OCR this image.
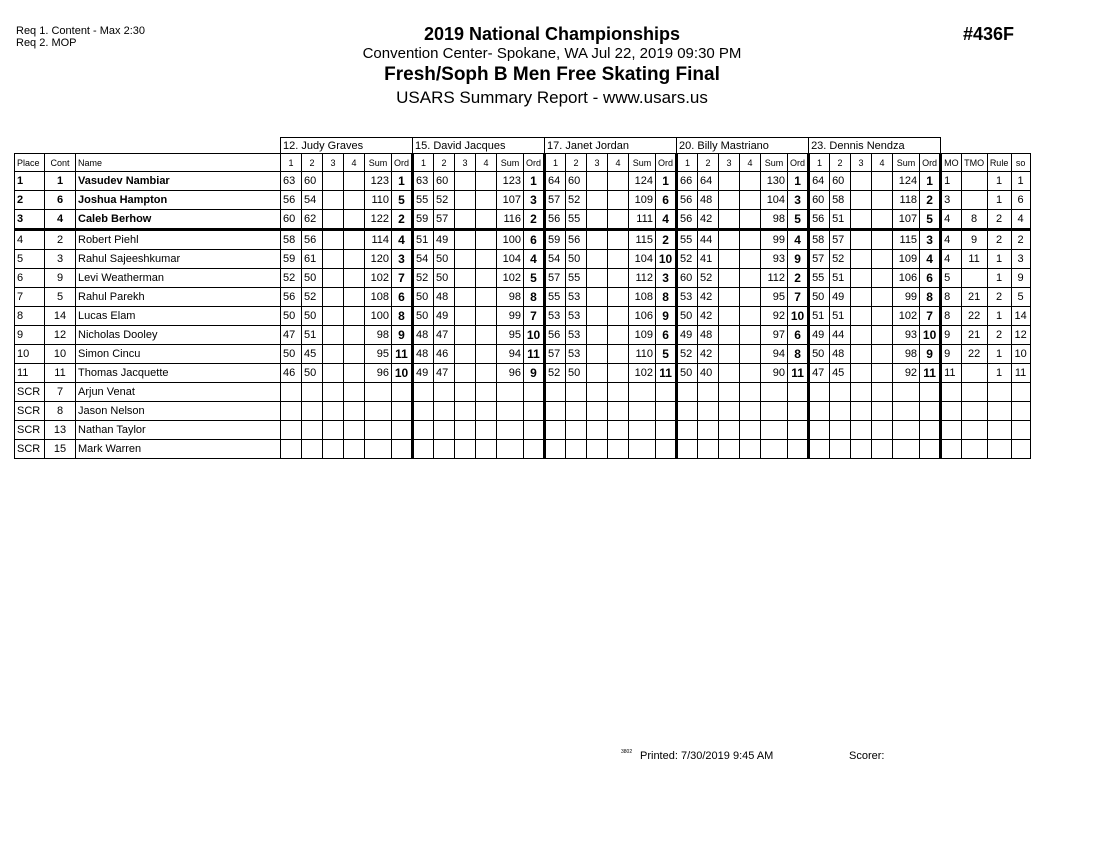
Req 1. Content - Max 2:30
Req 2. MOP	#436F
2019 National Championships
Convention Center- Spokane, WA Jul 22, 2019 09:30 PM
Fresh/Soph B Men Free Skating Final
USARS Summary Report - www.usars.us
			12. Judy Graves						15. David Jacques						17. Janet Jordan						20. Billy Mastriano						23. Dennis Nendza									
Place	Cont	Name	1	2	3	4	Sum	Ord	1	2	3	4	Sum	Ord	1	2	3	4	Sum	Ord	1	2	3	4	Sum	Ord	1	2	3	4	Sum	Ord	MO	TMO	Rule	so
1	1	Vasudev Nambiar	63	60			123	1	63	60			123	1	64	60			124	1	66	64			130	1	64	60			124	1	1		1	1
2	6	Joshua Hampton	56	54			110	5	55	52			107	3	57	52			109	6	56	48			104	3	60	58			118	2	3		1	6
3	4	Caleb Berhow	60	62			122	2	59	57			116	2	56	55			111	4	56	42			98	5	56	51			107	5	4	8	2	4
4	2	Robert Piehl	58	56			114	4	51	49			100	6	59	56			115	2	55	44			99	4	58	57			115	3	4	9	2	2
5	3	Rahul Sajeeshkumar	59	61			120	3	54	50			104	4	54	50			104	10	52	41			93	9	57	52			109	4	4	11	1	3
6	9	Levi Weatherman	52	50			102	7	52	50			102	5	57	55			112	3	60	52			112	2	55	51			106	6	5		1	9
7	5	Rahul Parekh	56	52			108	6	50	48			98	8	55	53			108	8	53	42			95	7	50	49			99	8	8	21	2	5
8	14	Lucas Elam	50	50			100	8	50	49			99	7	53	53			106	9	50	42			92	10	51	51			102	7	8	22	1	14
9	12	Nicholas Dooley	47	51			98	9	48	47			95	10	56	53			109	6	49	48			97	6	49	44			93	10	9	21	2	12
10	10	Simon Cincu	50	45			95	11	48	46			94	11	57	53			110	5	52	42			94	8	50	48			98	9	9	22	1	10
11	11	Thomas Jacquette	46	50			96	10	49	47			96	9	52	50			102	11	50	40			90	11	47	45			92	11	11		1	11
SCR	7	Arjun Venat																																		
SCR	8	Jason Nelson																																		
SCR	13	Nathan Taylor																																		
SCR	15	Mark Warren																																		
3802 Printed: 7/30/2019 9:45 AM	Scorer:
